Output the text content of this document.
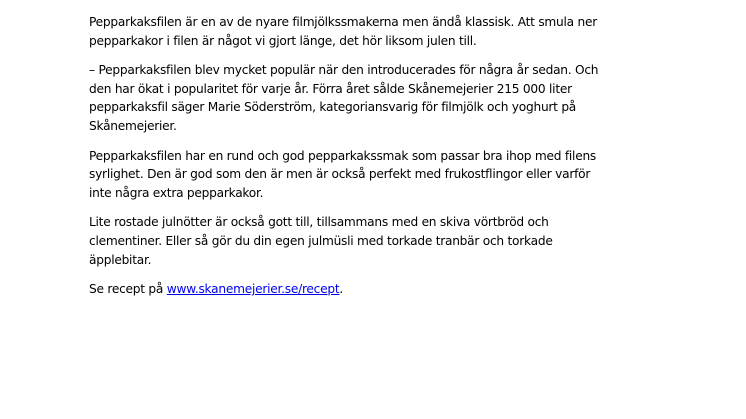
Pepparkaksfilen är en av de nyare filmjölkssmakerna men ändå klassisk. Att smula ner pepparkakor i filen är något vi gjort länge, det hör liksom julen till.

– Pepparkaksfilen blev mycket populär när den introducerades för några år sedan. Och den har ökat i popularitet för varje år. Förra året sålde Skånemejerier 215 000 liter pepparkaksfil säger Marie Söderström, kategoriansvarig för filmjölk och yoghurt på Skånemejerier.

Pepparkaksfilen har en rund och god pepparkakssmak som passar bra ihop med filens syrlighet. Den är god som den är men är också perfekt med frukostflingor eller varför inte några extra pepparkakor.

Lite rostade julnötter är också gott till, tillsammans med en skiva vörtbröd och clementiner. Eller så gör du din egen julmüsli med torkade tranbär och torkade äpplebitar.

Se recept på www.skanemejerier.se/recept.
